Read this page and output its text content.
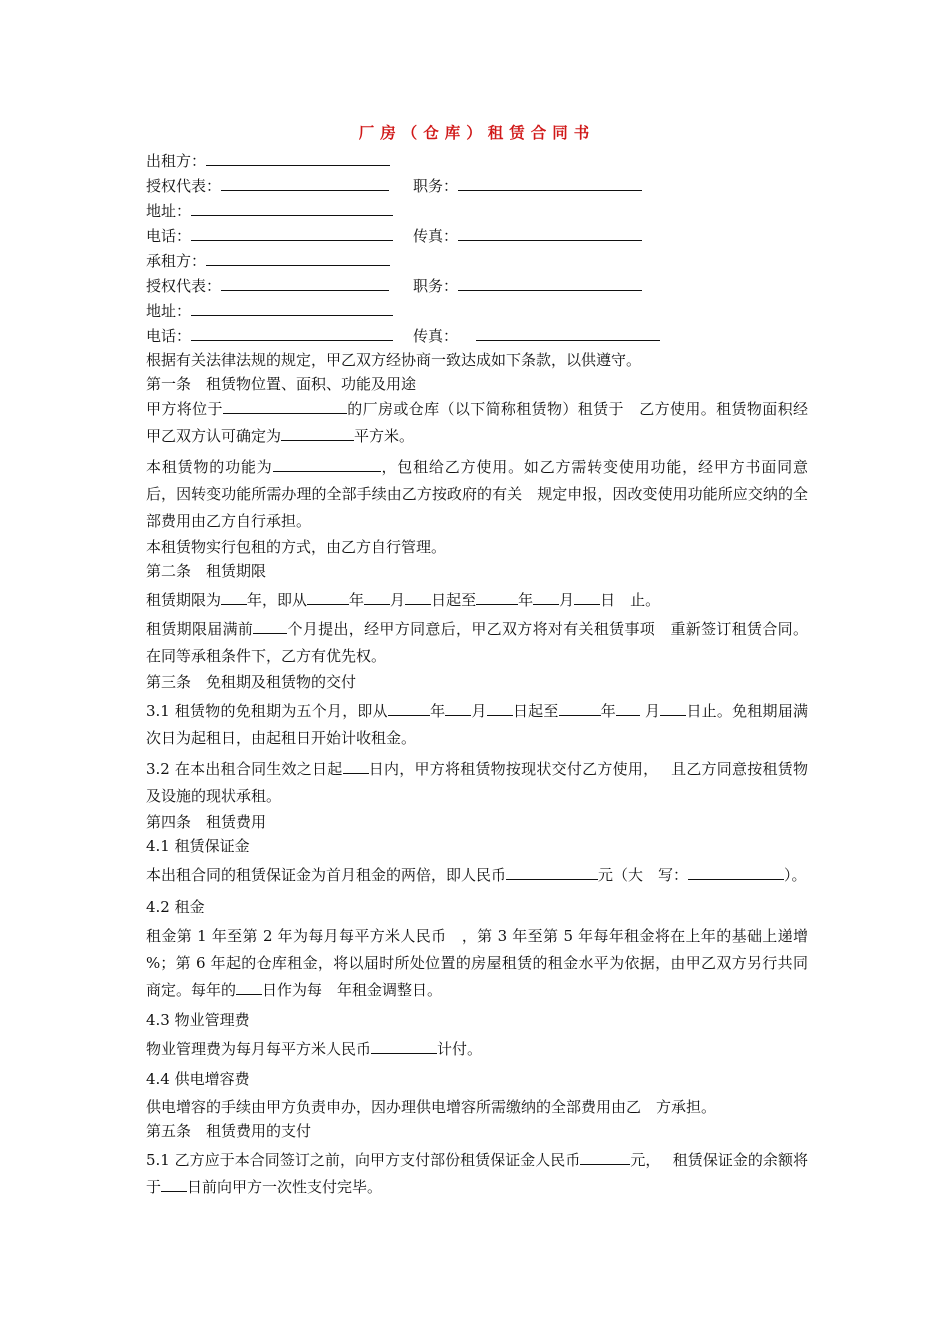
厂房（仓库）租赁合同书
出租方：
授权代表：	职务：
地址：
电话：	传真：
承租方：
授权代表：	职务：
地址：
电话：	传真：
根据有关法律法规的规定，甲乙双方经协商一致达成如下条款，以供遵守。
第一条　租赁物位置、面积、功能及用途

甲方将位于	的厂房或仓库（以下简称租赁物）租赁于　乙方使用。租赁物面积经甲乙双方认可确定为	平方米。

本租赁物的功能为	，包租给乙方使用。如乙方需转变使用功能，经甲方书面同意后，因转变功能所需办理的全部手续由乙方按政府的有关　规定申报，因改变使用功能所应交纳的全部费用由乙方自行承担。

本租赁物实行包租的方式，由乙方自行管理。
第二条　租赁期限

租赁期限为 年，即从	年 月 日起至	年 月 日　止。

租赁期限届满前 个月提出，经甲方同意后，甲乙双方将对有关租赁事项　重新签订租赁合同。在同等承租条件下，乙方有优先权。

第三条　免租期及租赁物的交付

3.1 租赁物的免租期为五个月，即从	年 月 日起至	年 月 日止。免租期届满次日为起租日，由起租日开始计收租金。

3.2 在本出租合同生效之日起 日内，甲方将租赁物按现状交付乙方使用，　 且乙方同意按租赁物及设施的现状承租。

第四条　租赁费用
4.1 租赁保证金

本出租合同的租赁保证金为首月租金的两倍，即人民币	元（大　写：	）。

4.2 租金

租金第 1 年至第 2 年为每月每平方米人民币　，第 3 年至第 5 年每年租金将在上年的基础上递增　%；第 6 年起的仓库租金，将以届时所处位置的房屋租赁的租金水平为依据，由甲乙双方另行共同商定。每年的 日作为每　年租金调整日。

4.3 物业管理费

物业管理费为每月每平方米人民币	计付。

4.4 供电增容费
供电增容的手续由甲方负责申办，因办理供电增容所需缴纳的全部费用由乙　方承担。
第五条　租赁费用的支付

5.1 乙方应于本合同签订之前，向甲方支付部份租赁保证金人民币	元，　 租赁保证金的余额将于 日前向甲方一次性支付完毕。
